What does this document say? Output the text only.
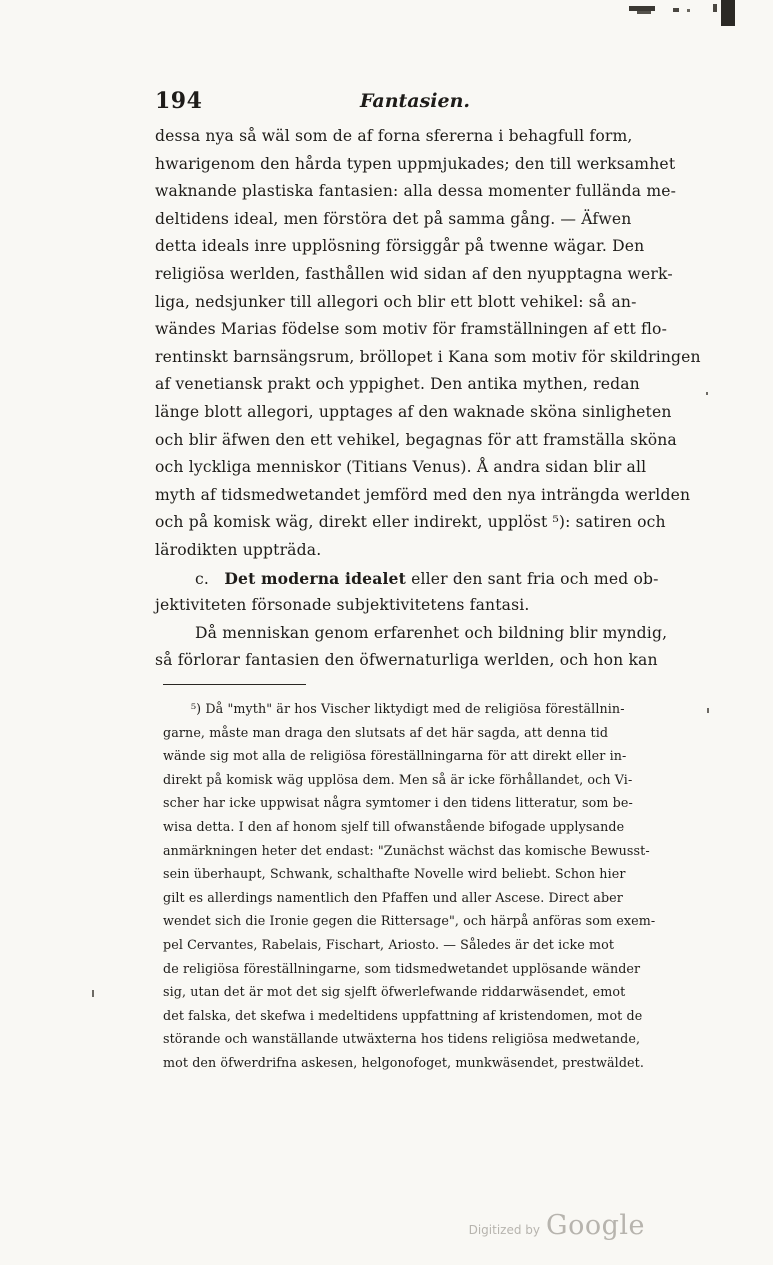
194	Fantasien.
dessa nya så wäl som de af forna sfererna i behagfull form,
hwarigenom den hårda typen uppmjukades; den till werksamhet
waknande plastiska fantasien: alla dessa momenter fullända me-
deltidens ideal, men förstöra det på samma gång. — Äfwen
detta ideals inre upplösning försiggår på twenne wägar. Den
religiösa werlden, fasthållen wid sidan af den nyupptagna werk-
liga, nedsjunker till allegori och blir ett blott vehikel: så an-
wändes Marias födelse som motiv för framställningen af ett flo-
rentinskt barnsängsrum, bröllopet i Kana som motiv för skildringen
af venetiansk prakt och yppighet. Den antika mythen, redan
länge blott allegori, upptages af den waknade sköna sinligheten
och blir äfwen den ett vehikel, begagnas för att framställa sköna
och lyckliga menniskor (Titians Venus). Å andra sidan blir all
myth af tidsmedwetandet jemförd med den nya inträngda werlden
och på komisk wäg, direkt eller indirekt, upplöst ⁵): satiren och
lärodikten uppträda.
c. Det moderna idealet eller den sant fria och med ob-
jektiviteten försonade subjektivitetens fantasi.
Då menniskan genom erfarenhet och bildning blir myndig,
så förlorar fantasien den öfwernaturliga werlden, och hon kan
⁵) Då "myth" är hos Vischer liktydigt med de religiösa föreställnin-
garne, måste man draga den slutsats af det här sagda, att denna tid
wände sig mot alla de religiösa föreställningarna för att direkt eller in-
direkt på komisk wäg upplösa dem. Men så är icke förhållandet, och Vi-
scher har icke uppwisat några symtomer i den tidens litteratur, som be-
wisa detta. I den af honom sjelf till ofwanstående bifogade upplysande
anmärkningen heter det endast: "Zunächst wächst das komische Bewusst-
sein überhaupt, Schwank, schalthafte Novelle wird beliebt. Schon hier
gilt es allerdings namentlich den Pfaffen und aller Ascese. Direct aber
wendet sich die Ironie gegen die Rittersage", och härpå anföras som exem-
pel Cervantes, Rabelais, Fischart, Ariosto. — Således är det icke mot
de religiösa föreställningarne, som tidsmedwetandet upplösande wänder
sig, utan det är mot det sig sjelft öfwerlefwande riddarwäsendet, emot
det falska, det skefwa i medeltidens uppfattning af kristendomen, mot de
störande och wanställande utwäxterna hos tidens religiösa medwetande,
mot den öfwerdrifna askesen, helgonofoget, munkwäsendet, prestwäldet.
Digitized by Google
